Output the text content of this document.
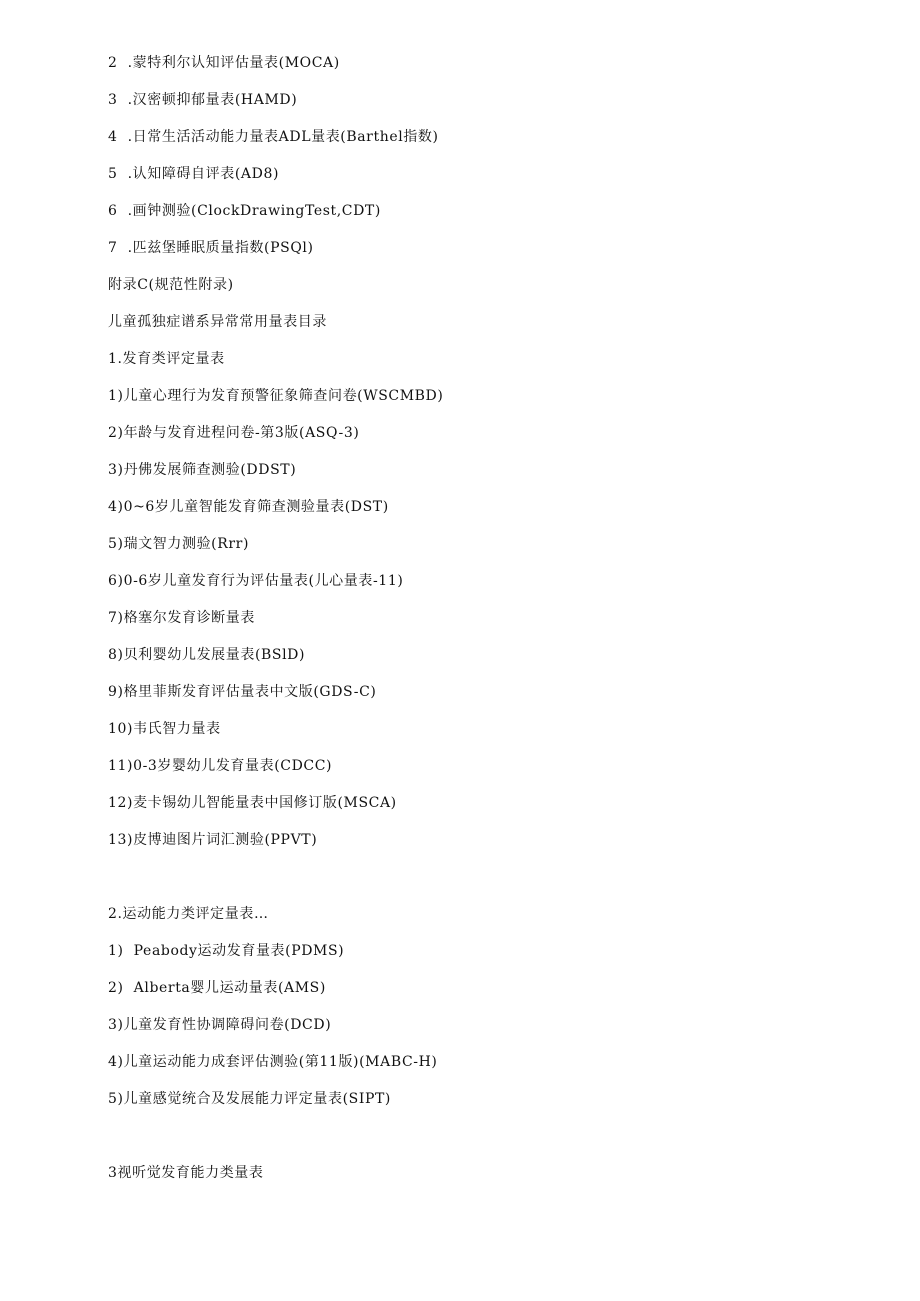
2  .蒙特利尔认知评估量表(MOCA)
3  .汉密顿抑郁量表(HAMD)
4  .日常生活活动能力量表ADL量表(Barthel指数)
5  .认知障碍自评表(AD8)
6  .画钟测验(ClockDrawingTest,CDT)
7  .匹兹堡睡眠质量指数(PSQl)
附录C(规范性附录)
儿童孤独症谱系异常常用量表目录
1.发育类评定量表
1)儿童心理行为发育预警征象筛查问卷(WSCMBD)
2)年龄与发育进程问卷-第3版(ASQ-3)
3)丹佛发展筛查测验(DDST)
4)0~6岁儿童智能发育筛查测验量表(DST)
5)瑞文智力测验(Rrr)
6)0-6岁儿童发育行为评估量表(儿心量表-11)
7)格塞尔发育诊断量表
8)贝利婴幼儿发展量表(BSlD)
9)格里菲斯发育评估量表中文版(GDS-C)
10)韦氏智力量表
11)0-3岁婴幼儿发育量表(CDCC)
12)麦卡锡幼儿智能量表中国修订版(MSCA)
13)皮博迪图片词汇测验(PPVT)
2.运动能力类评定量表…
1)  Peabody运动发育量表(PDMS)
2)  Alberta婴儿运动量表(AMS)
3)儿童发育性协调障碍问卷(DCD)
4)儿童运动能力成套评估测验(第11版)(MABC-H)
5)儿童感觉统合及发展能力评定量表(SIPT)
3视听觉发育能力类量表
